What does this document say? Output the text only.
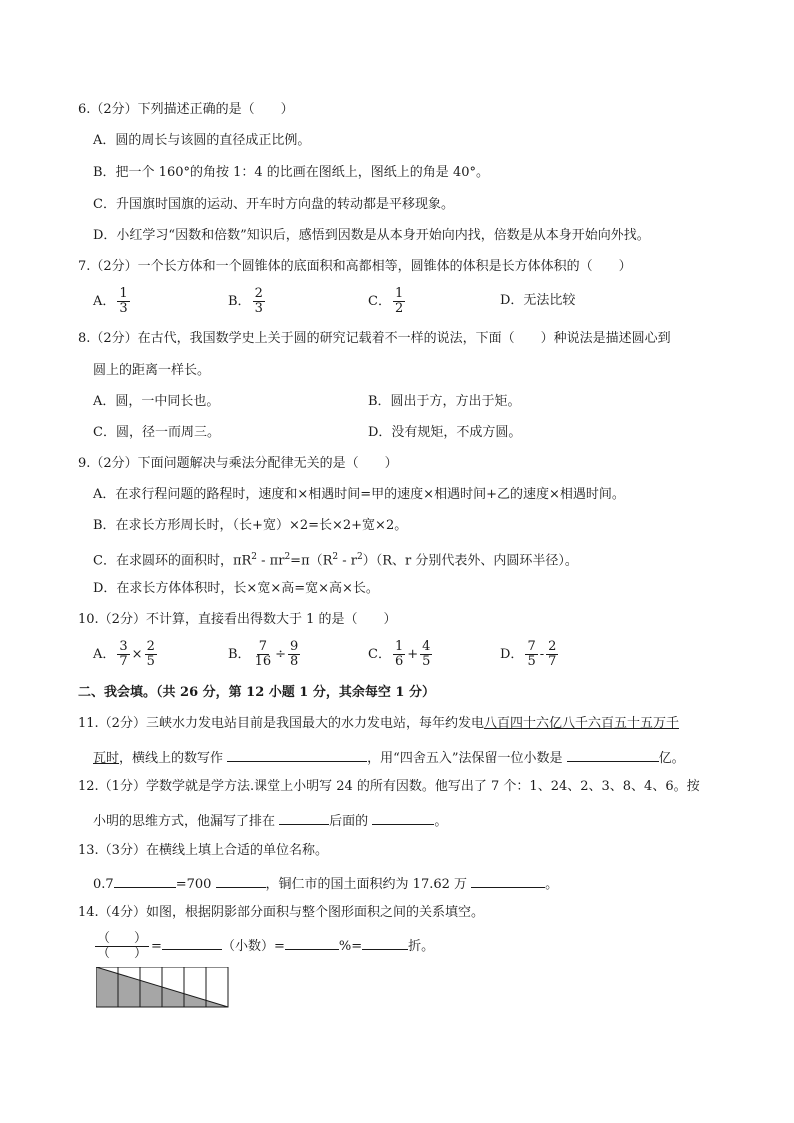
6.（2分）下列描述正确的是（　　）
A．圆的周长与该圆的直径成正比例。
B．把一个 160°的角按 1：4 的比画在图纸上，图纸上的角是 40°。
C．升国旗时国旗的运动、开车时方向盘的转动都是平移现象。
D．小红学习“因数和倍数”知识后，感悟到因数是从本身开始向内找，倍数是从本身开始向外找。
7.（2分）一个长方体和一个圆锥体的底面积和高都相等，圆锥体的体积是长方体体积的（　　）
A． $\frac{1}{3}$	B． $\frac{2}{3}$	C． $\frac{1}{2}$	D．无法比较
8.（2分）在古代，我国数学史上关于圆的研究记载着不一样的说法，下面（　　）种说法是描述圆心到
圆上的距离一样长。
A．圆，一中同长也。	B．圆出于方，方出于矩。
C．圆，径一而周三。	D．没有规矩，不成方圆。
9.（2分）下面问题解决与乘法分配律无关的是（　　）
A．在求行程问题的路程时，速度和×相遇时间=甲的速度×相遇时间+乙的速度×相遇时间。
B．在求长方形周长时，（长+宽）×2=长×2+宽×2。
C．在求圆环的面积时，$\pi R^2 - \pi r^2=\pi(R^2 - r^2)(R$、r 分别代表外、内圆环半径）。
D．在求长方体体积时，长×宽×高=宽×高×长。
10.（2分）不计算，直接看出得数大于 1 的是（　　）
A． $\frac{3}{7} \times \frac{2}{5}$	B． $\frac{7}{16} \div \frac{9}{8}$	C． $\frac{1}{6} + \frac{4}{5}$	D． $\frac{7}{5} - \frac{2}{7}$
二、我会填。（共 26 分，第 12 小题 1 分，其余每空 1 分）
11.（2分）三峡水力发电站目前是我国最大的水力发电站，每年约发电八百四十六亿八千六百五十五万千
瓦时，横线上的数写作	，用“四舍五入”法保留一位小数是	亿。
12.（1分）学数学就是学方法.课堂上小明写 24 的所有因数。他写出了 7 个：1、24、2、3、8、4、6。按
小明的思维方式，他漏写了排在	后面的	。
13.（3分）在横线上填上合适的单位名称。
0.7	=700	，铜仁市的国土面积约为 17.62 万	。
14.（4分）如图，根据阴影部分面积与整个图形面积之间的关系填空。
$\frac{( )}{( )}$ =	（小数）=	%=	折。
